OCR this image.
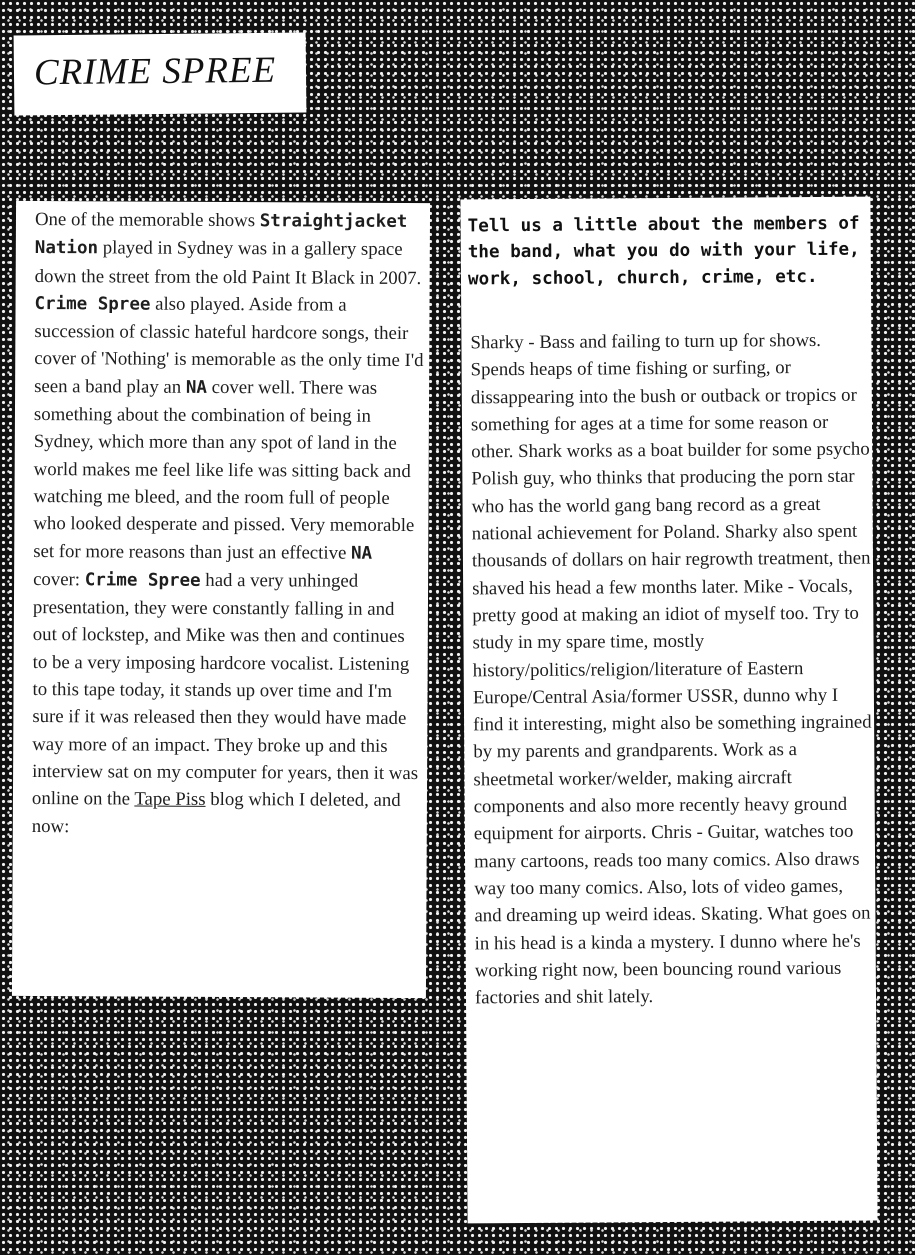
CRIME SPREE
One of the memorable shows Straightjacket Nation played in Sydney was in a gallery space down the street from the old Paint It Black in 2007. Crime Spree also played. Aside from a succession of classic hateful hardcore songs, their cover of 'Nothing' is memorable as the only time I'd seen a band play an NA cover well. There was something about the combination of being in Sydney, which more than any spot of land in the world makes me feel like life was sitting back and watching me bleed, and the room full of people who looked desperate and pissed. Very memorable set for more reasons than just an effective NA cover: Crime Spree had a very unhinged presentation, they were constantly falling in and out of lockstep, and Mike was then and continues to be a very imposing hardcore vocalist. Listening to this tape today, it stands up over time and I'm sure if it was released then they would have made way more of an impact. They broke up and this interview sat on my computer for years, then it was online on the Tape Piss blog which I deleted, and now:
Tell us a little about the members of the band, what you do with your life, work, school, church, crime, etc.
Sharky - Bass and failing to turn up for shows. Spends heaps of time fishing or surfing, or dissappearing into the bush or outback or tropics or something for ages at a time for some reason or other. Shark works as a boat builder for some psycho Polish guy, who thinks that producing the porn star who has the world gang bang record as a great national achievement for Poland. Sharky also spent thousands of dollars on hair regrowth treatment, then shaved his head a few months later. Mike - Vocals, pretty good at making an idiot of myself too. Try to study in my spare time, mostly history/politics/religion/literature of Eastern Europe/Central Asia/former USSR, dunno why I find it interesting, might also be something ingrained by my parents and grandparents. Work as a sheetmetal worker/welder, making aircraft components and also more recently heavy ground equipment for airports. Chris - Guitar, watches too many cartoons, reads too many comics. Also draws way too many comics. Also, lots of video games, and dreaming up weird ideas. Skating. What goes on in his head is a kinda a mystery. I dunno where he's working right now, been bouncing round various factories and shit lately.
